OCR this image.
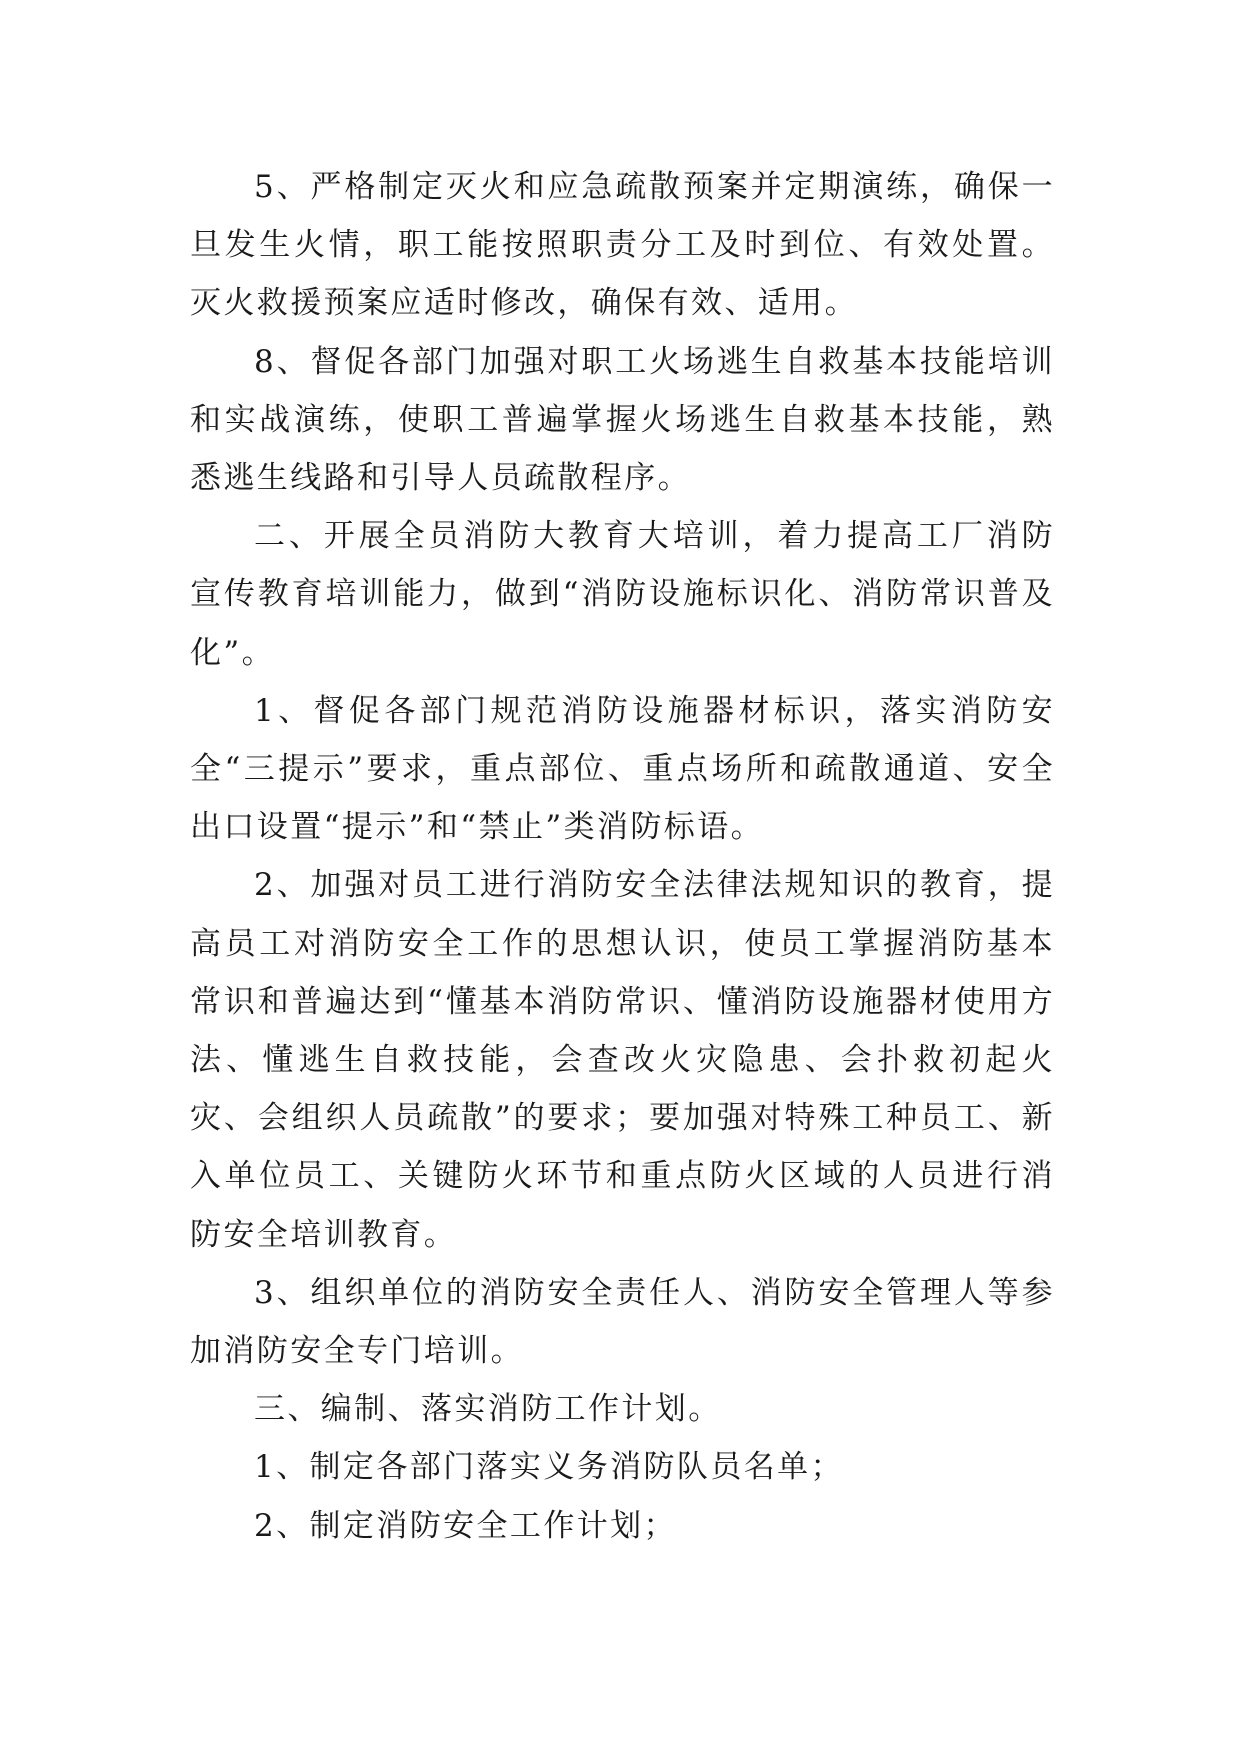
5、严格制定灭火和应急疏散预案并定期演练，确保一旦发生火情，职工能按照职责分工及时到位、有效处置。灭火救援预案应适时修改，确保有效、适用。

8、督促各部门加强对职工火场逃生自救基本技能培训和实战演练，使职工普遍掌握火场逃生自救基本技能，熟悉逃生线路和引导人员疏散程序。

二、开展全员消防大教育大培训，着力提高工厂消防宣传教育培训能力，做到“消防设施标识化、消防常识普及化”。

1、督促各部门规范消防设施器材标识，落实消防安全“三提示”要求，重点部位、重点场所和疏散通道、安全出口设置“提示”和“禁止”类消防标语。

2、加强对员工进行消防安全法律法规知识的教育，提高员工对消防安全工作的思想认识，使员工掌握消防基本常识和普遍达到“懂基本消防常识、懂消防设施器材使用方法、懂逃生自救技能，会查改火灾隐患、会扑救初起火灾、会组织人员疏散”的要求；要加强对特殊工种员工、新入单位员工、关键防火环节和重点防火区域的人员进行消防安全培训教育。

3、组织单位的消防安全责任人、消防安全管理人等参加消防安全专门培训。

三、编制、落实消防工作计划。

1、制定各部门落实义务消防队员名单；

2、制定消防安全工作计划；
